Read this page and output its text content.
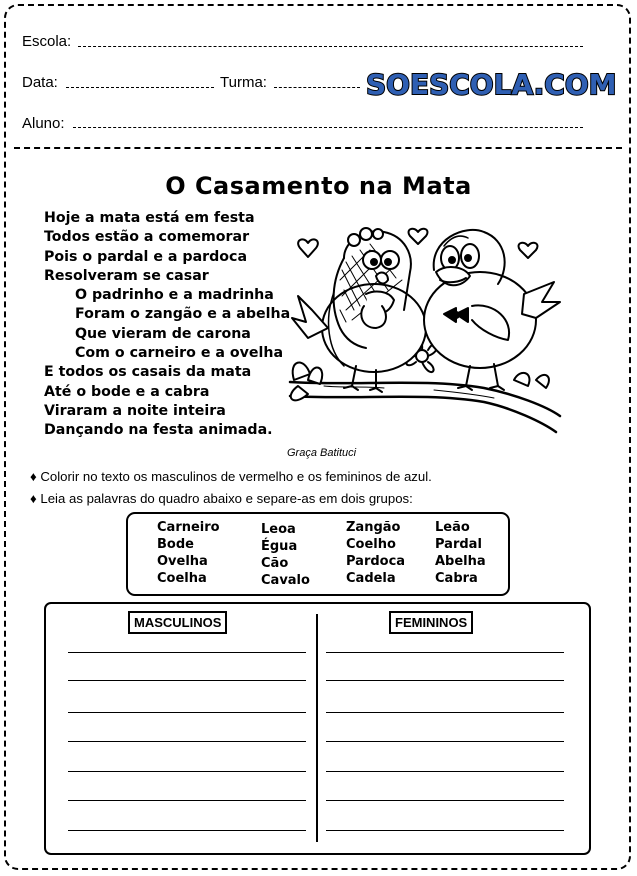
Escola:
Data:	Turma:	SOESCOLA.COM
Aluno:
O Casamento na Mata
Hoje a mata está em festa
Todos estão a comemorar
Pois o pardal e a pardoca
Resolveram se casar
O padrinho e a madrinha
Foram o zangão e a abelha
Que vieram de carona
Com o carneiro e a ovelha
E todos os casais da mata
Até o bode e a cabra
Viraram a noite inteira
Dançando na festa animada.
Graça Batituci
♦ Colorir no texto os masculinos de vermelho e os femininos de azul.
♦ Leia as palavras do quadro abaixo e separe-as em dois grupos:
Carneiro
Bode
Ovelha
Coelha
Leoa
Égua
Cão
Cavalo
Zangão
Coelho
Pardoca
Cadela
Leão
Pardal
Abelha
Cabra
MASCULINOS	FEMININOS
